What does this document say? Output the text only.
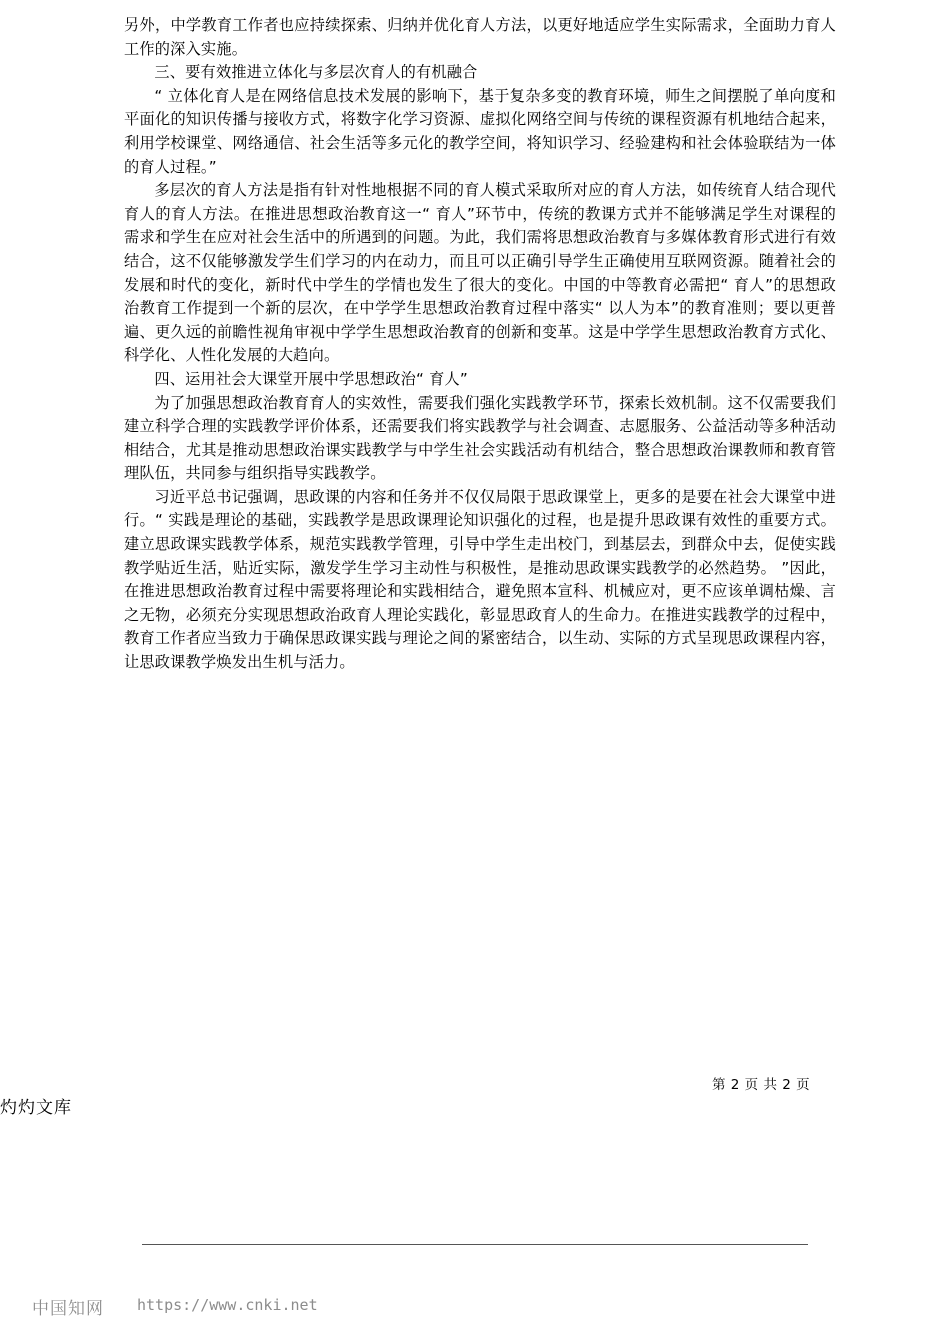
另外，中学教育工作者也应持续探索、归纳并优化育人方法，以更好地适应学生实际需求，全面助力育人工作的深入实施。

三、要有效推进立体化与多层次育人的有机融合

“ 立体化育人是在网络信息技术发展的影响下，基于复杂多变的教育环境，师生之间摆脱了单向度和平面化的知识传播与接收方式，将数字化学习资源、虚拟化网络空间与传统的课程资源有机地结合起来，利用学校课堂、网络通信、社会生活等多元化的教学空间，将知识学习、经验建构和社会体验联结为一体的育人过程。”

多层次的育人方法是指有针对性地根据不同的育人模式采取所对应的育人方法，如传统育人结合现代育人的育人方法。在推进思想政治教育这一“ 育人”环节中，传统的教课方式并不能够满足学生对课程的需求和学生在应对社会生活中的所遇到的问题。为此，我们需将思想政治教育与多媒体教育形式进行有效结合，这不仅能够激发学生们学习的内在动力，而且可以正确引导学生正确使用互联网资源。随着社会的发展和时代的变化，新时代中学生的学情也发生了很大的变化。中国的中等教育必需把“ 育人”的思想政治教育工作提到一个新的层次，在中学学生思想政治教育过程中落实“ 以人为本”的教育准则；要以更普遍、更久远的前瞻性视角审视中学学生思想政治教育的创新和变革。这是中学学生思想政治教育方式化、科学化、人性化发展的大趋向。

四、运用社会大课堂开展中学思想政治“ 育人”

为了加强思想政治教育育人的实效性，需要我们强化实践教学环节，探索长效机制。这不仅需要我们建立科学合理的实践教学评价体系，还需要我们将实践教学与社会调查、志愿服务、公益活动等多种活动相结合，尤其是推动思想政治课实践教学与中学生社会实践活动有机结合，整合思想政治课教师和教育管理队伍，共同参与组织指导实践教学。

习近平总书记强调，思政课的内容和任务并不仅仅局限于思政课堂上，更多的是要在社会大课堂中进行。“ 实践是理论的基础，实践教学是思政课理论知识强化的过程，也是提升思政课有效性的重要方式。建立思政课实践教学体系，规范实践教学管理，引导中学生走出校门，到基层去，到群众中去，促使实践教学贴近生活，贴近实际，激发学生学习主动性与积极性，是推动思政课实践教学的必然趋势。 ”因此，在推进思想政治教育过程中需要将理论和实践相结合，避免照本宣科、机械应对，更不应该单调枯燥、言之无物，必须充分实现思想政治政育人理论实践化，彰显思政育人的生命力。在推进实践教学的过程中，教育工作者应当致力于确保思政课实践与理论之间的紧密结合，以生动、实际的方式呈现思政课程内容，让思政课教学焕发出生机与活力。

第 2 页 共 2 页
灼灼文库
中国知网 https://www.cnki.net
